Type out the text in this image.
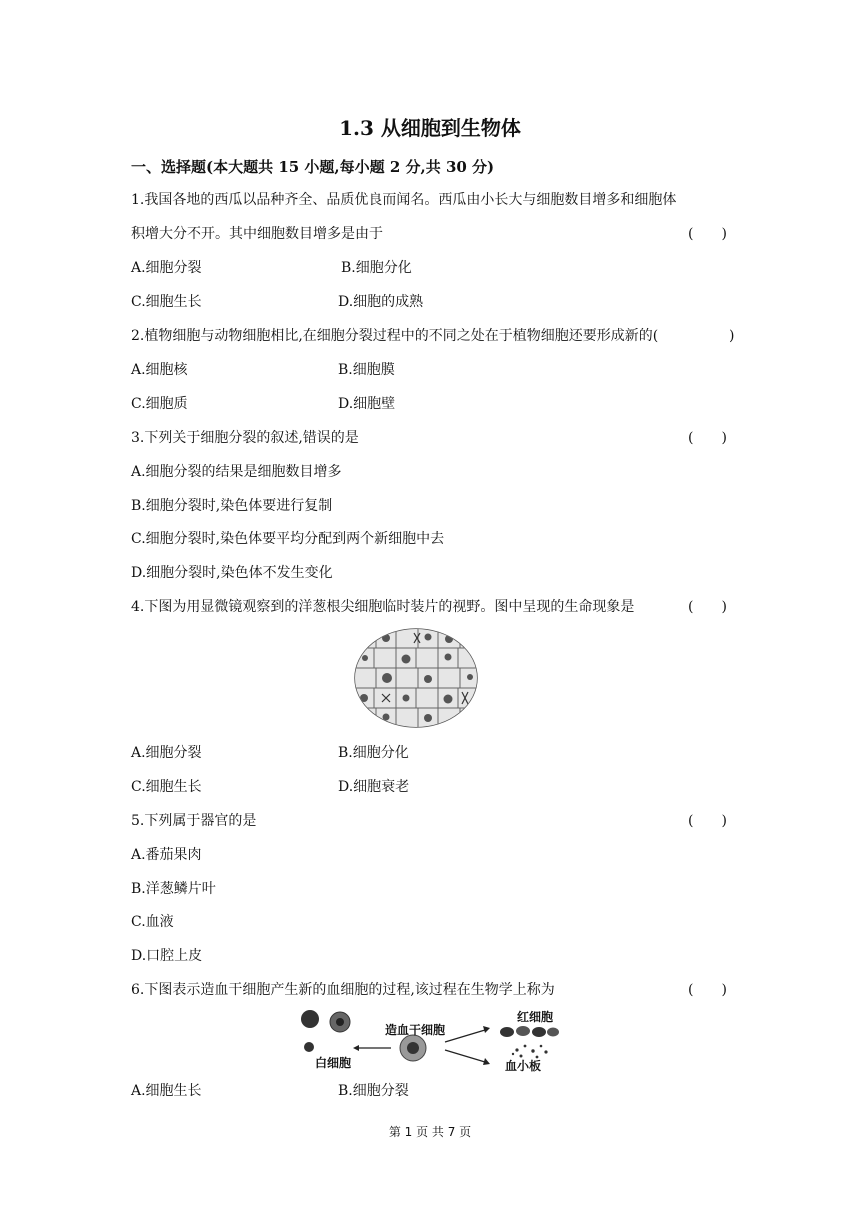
1.3 从细胞到生物体
一、选择题(本大题共 15 小题,每小题 2 分,共 30 分)
1.我国各地的西瓜以品种齐全、品质优良而闻名。西瓜由小长大与细胞数目增多和细胞体
积增大分不开。其中细胞数目增多是由于	(　　)
A.细胞分裂	B.细胞分化
C.细胞生长	D.细胞的成熟
2.植物细胞与动物细胞相比,在细胞分裂过程中的不同之处在于植物细胞还要形成新的(	)
A.细胞核	B.细胞膜
C.细胞质	D.细胞壁
3.下列关于细胞分裂的叙述,错误的是	(　　)
A.细胞分裂的结果是细胞数目增多
B.细胞分裂时,染色体要进行复制
C.细胞分裂时,染色体要平均分配到两个新细胞中去
D.细胞分裂时,染色体不发生变化
4.下图为用显微镜观察到的洋葱根尖细胞临时装片的视野。图中呈现的生命现象是	(　　)
A.细胞分裂	B.细胞分化
C.细胞生长	D.细胞衰老
5.下列属于器官的是	(　　)
A.番茄果肉
B.洋葱鳞片叶
C.血液
D.口腔上皮
6.下图表示造血干细胞产生新的血细胞的过程,该过程在生物学上称为	(　　)
造血干细胞
红细胞
白细胞	血小板
A.细胞生长	B.细胞分裂
第 1 页 共 7 页
